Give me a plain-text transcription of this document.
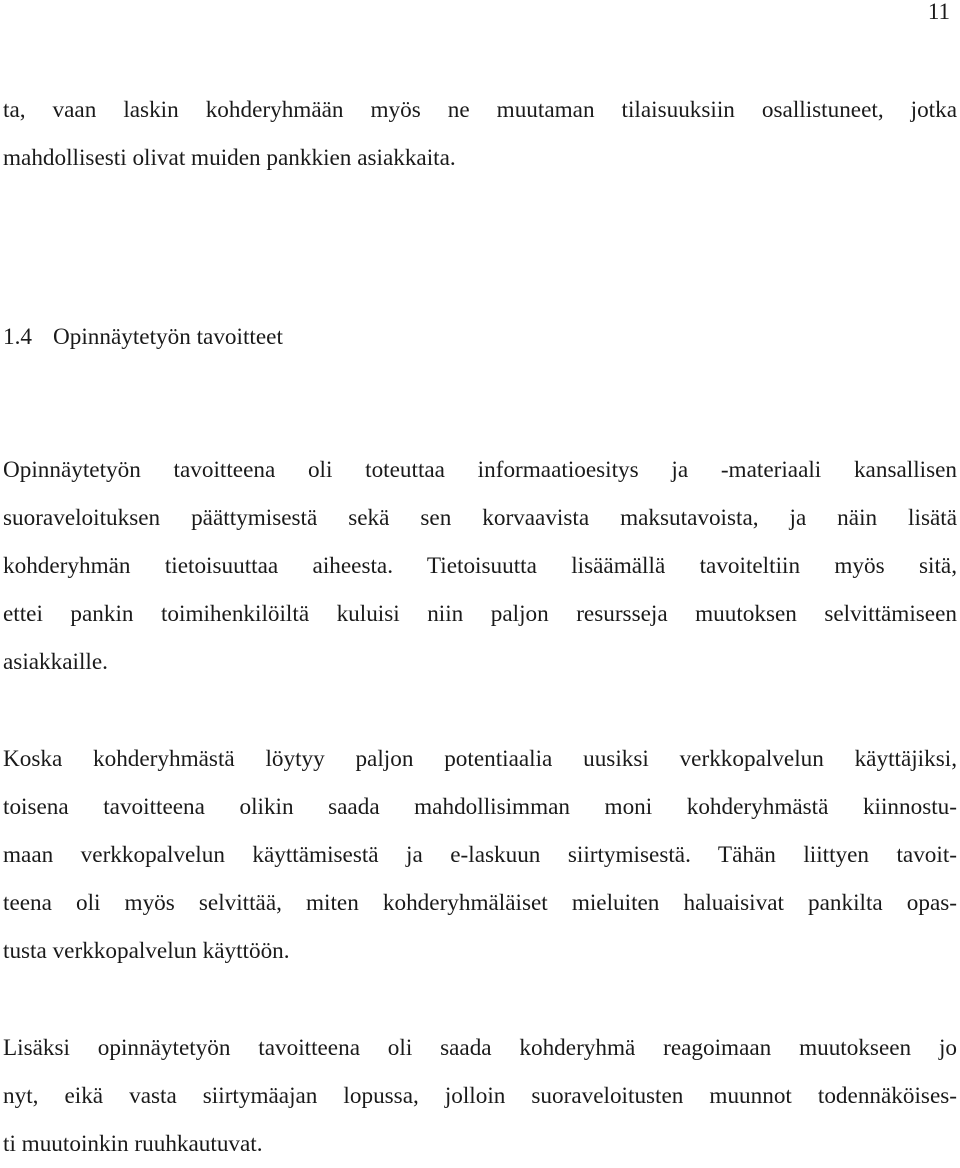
11
ta, vaan laskin kohderyhmään myös ne muutaman tilaisuuksiin osallistuneet, jotka
mahdollisesti olivat muiden pankkien asiakkaita.
1.4 Opinnäytetyön tavoitteet
Opinnäytetyön tavoitteena oli toteuttaa informaatioesitys ja -materiaali kansallisen
suoraveloituksen päättymisestä sekä sen korvaavista maksutavoista, ja näin lisätä
kohderyhmän tietoisuuttaa aiheesta. Tietoisuutta lisäämällä tavoiteltiin myös sitä,
ettei pankin toimihenkilöiltä kuluisi niin paljon resursseja muutoksen selvittämiseen
asiakkaille.
Koska kohderyhmästä löytyy paljon potentiaalia uusiksi verkkopalvelun käyttäjiksi,
toisena tavoitteena olikin saada mahdollisimman moni kohderyhmästä kiinnostu-
maan verkkopalvelun käyttämisestä ja e-laskuun siirtymisestä. Tähän liittyen tavoit-
teena oli myös selvittää, miten kohderyhmäläiset mieluiten haluaisivat pankilta opas-
tusta verkkopalvelun käyttöön.
Lisäksi opinnäytetyön tavoitteena oli saada kohderyhmä reagoimaan muutokseen jo
nyt, eikä vasta siirtymäajan lopussa, jolloin suoraveloitusten muunnot todennäköises-
ti muutoinkin ruuhkautuvat.
